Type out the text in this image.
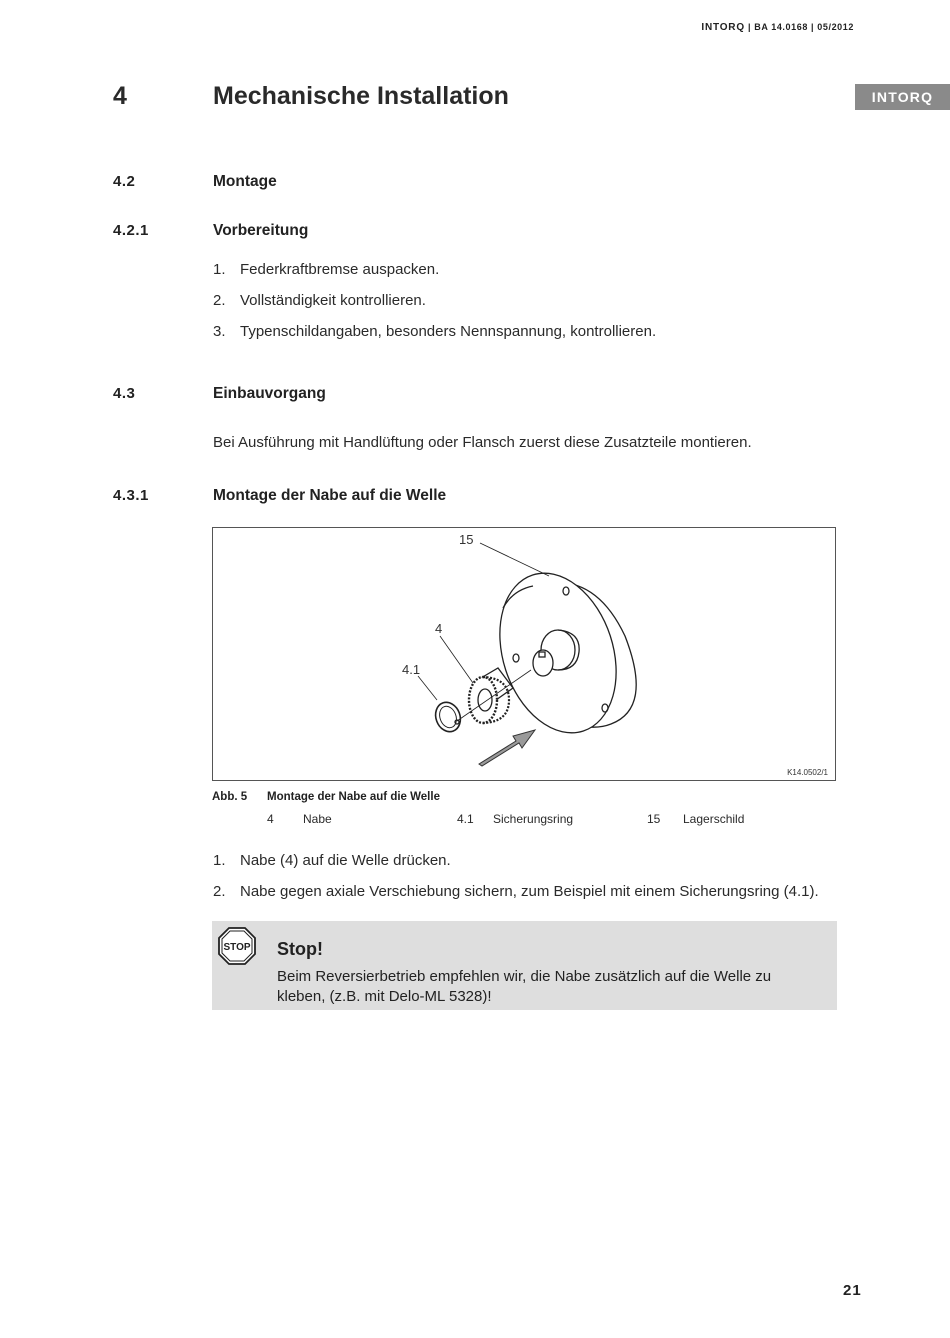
INTORQ | BA 14.0168 | 05/2012
INTORQ
4	Mechanische Installation
4.2	Montage
4.2.1	Vorbereitung
1. Federkraftbremse auspacken.
2. Vollständigkeit kontrollieren.
3. Typenschildangaben, besonders Nennspannung, kontrollieren.
4.3	Einbauvorgang
Bei Ausführung mit Handlüftung oder Flansch zuerst diese Zusatzteile montieren.
4.3.1	Montage der Nabe auf die Welle
15
4
4.1
K14.0502/1
Abb. 5 Montage der Nabe auf die Welle
4 Nabe	4.1 Sicherungsring	15 Lagerschild
1. Nabe (4) auf die Welle drücken.
2. Nabe gegen axiale Verschiebung sichern, zum Beispiel mit einem Sicherungsring (4.1).
STOP Stop!
Beim Reversierbetrieb empfehlen wir, die Nabe zusätzlich auf die Welle zu kleben, (z.B. mit Delo-ML 5328)!
21
